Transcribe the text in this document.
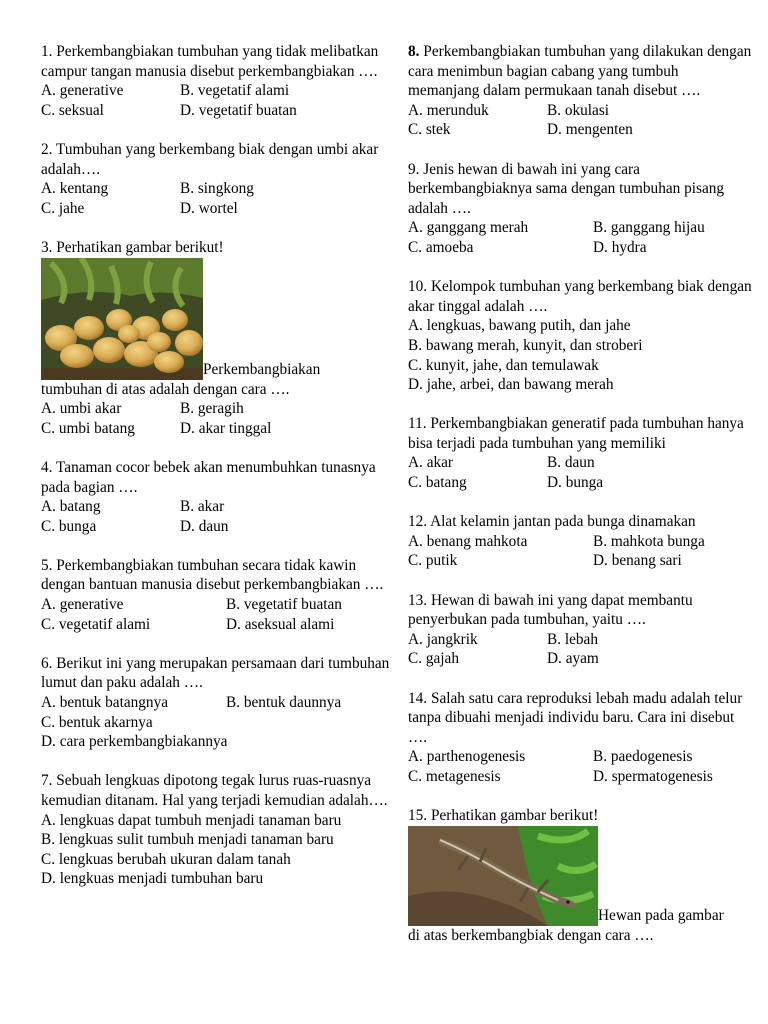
1. Perkembangbiakan tumbuhan yang tidak melibatkan campur tangan manusia disebut perkembangbiakan ….
A. generative	B. vegetatif alami
C. seksual	D. vegetatif buatan
2. Tumbuhan yang berkembang biak dengan umbi akar adalah….
A. kentang	B. singkong
C. jahe	D. wortel
3. Perhatikan gambar berikut!
Perkembangbiakan
tumbuhan di atas adalah dengan cara ….
A. umbi akar	B. geragih
C. umbi batang	D. akar tinggal
4. Tanaman cocor bebek akan menumbuhkan tunasnya pada bagian ….
A. batang	B. akar
C. bunga	D. daun
5. Perkembangbiakan tumbuhan secara tidak kawin dengan bantuan manusia disebut perkembangbiakan ….
A. generative	B. vegetatif buatan
C. vegetatif alami	D. aseksual alami
6. Berikut ini yang merupakan persamaan dari tumbuhan lumut dan paku adalah ….
A. bentuk batangnya	B. bentuk daunnya
C. bentuk akarnya
D. cara perkembangbiakannya
7. Sebuah lengkuas dipotong tegak lurus ruas-ruasnya kemudian ditanam. Hal yang terjadi kemudian adalah….
A. lengkuas dapat tumbuh menjadi tanaman baru
B. lengkuas sulit tumbuh menjadi tanaman baru
C. lengkuas berubah ukuran dalam tanah
D. lengkuas menjadi tumbuhan baru
8. Perkembangbiakan tumbuhan yang dilakukan dengan cara menimbun bagian cabang yang tumbuh memanjang dalam permukaan tanah disebut ….
A. merunduk	B. okulasi
C. stek	D. mengenten
9. Jenis hewan di bawah ini yang cara berkembangbiaknya sama dengan tumbuhan pisang adalah ….
A. ganggang merah	B. ganggang hijau
C. amoeba	D. hydra
10. Kelompok tumbuhan yang berkembang biak dengan akar tinggal adalah ….
A. lengkuas, bawang putih, dan jahe
B. bawang merah, kunyit, dan stroberi
C. kunyit, jahe, dan temulawak
D. jahe, arbei, dan bawang merah
11. Perkembangbiakan generatif pada tumbuhan hanya bisa terjadi pada tumbuhan yang memiliki
A. akar	B. daun
C. batang	D. bunga
12. Alat kelamin jantan pada bunga dinamakan
A. benang mahkota	B. mahkota bunga
C. putik	D. benang sari
13. Hewan di bawah ini yang dapat membantu penyerbukan pada tumbuhan, yaitu ….
A. jangkrik	B. lebah
C. gajah	D. ayam
14. Salah satu cara reproduksi lebah madu adalah telur tanpa dibuahi menjadi individu baru. Cara ini disebut ….
A. parthenogenesis	B. paedogenesis
C. metagenesis	D. spermatogenesis
15. Perhatikan gambar berikut!
Hewan pada gambar
di atas berkembangbiak dengan cara ….
